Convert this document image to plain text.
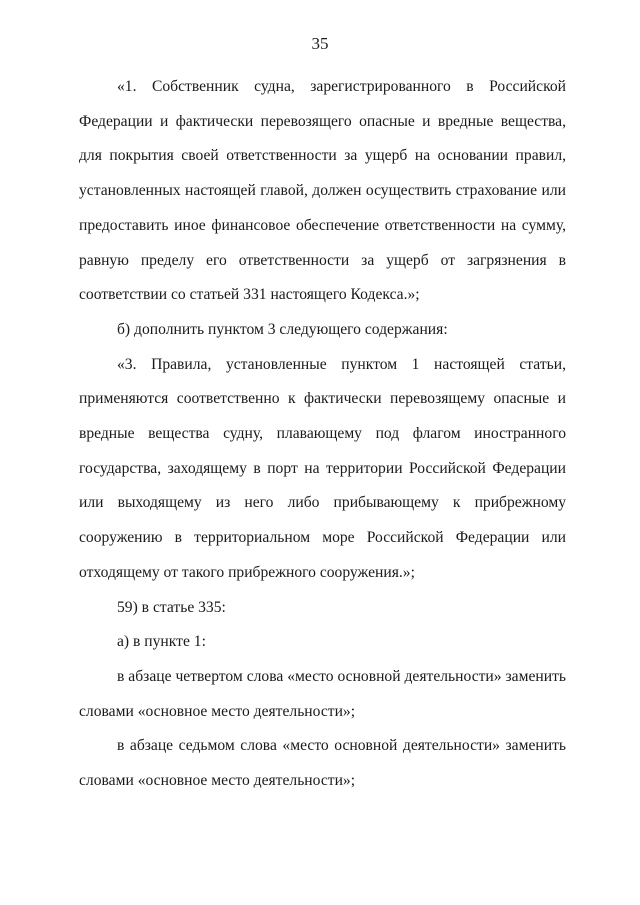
35

«1. Собственник судна, зарегистрированного в Российской Федерации и фактически перевозящего опасные и вредные вещества, для покрытия своей ответственности за ущерб на основании правил, установленных настоящей главой, должен осуществить страхование или предоставить иное финансовое обеспечение ответственности на сумму, равную пределу его ответственности за ущерб от загрязнения в соответствии со статьей 331 настоящего Кодекса.»;

б) дополнить пунктом 3 следующего содержания:

«3. Правила, установленные пунктом 1 настоящей статьи, применяются соответственно к фактически перевозящему опасные и вредные вещества судну, плавающему под флагом иностранного государства, заходящему в порт на территории Российской Федерации или выходящему из него либо прибывающему к прибрежному сооружению в территориальном море Российской Федерации или отходящему от такого прибрежного сооружения.»;

59) в статье 335:

а) в пункте 1:

в абзаце четвертом слова «место основной деятельности» заменить словами «основное место деятельности»;

в абзаце седьмом слова «место основной деятельности» заменить словами «основное место деятельности»;
